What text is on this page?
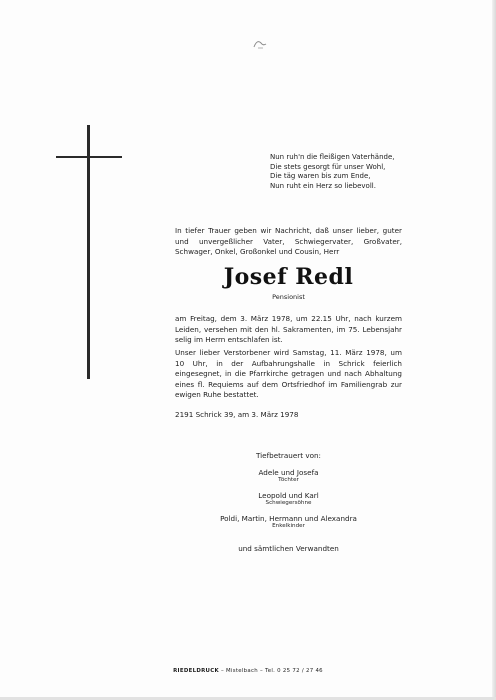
Nun ruh'n die fleißigen Vaterhände,
Die stets gesorgt für unser Wohl,
Die täg waren bis zum Ende,
Nun ruht ein Herz so liebevoll.

In tiefer Trauer geben wir Nachricht, daß unser lieber, guter und unvergeßlicher Vater, Schwiegervater, Großvater, Schwager, Onkel, Großonkel und Cousin, Herr

Josef Redl
Pensionist

am Freitag, dem 3. März 1978, um 22.15 Uhr, nach kurzem Leiden, versehen mit den hl. Sakramenten, im 75. Lebensjahr selig im Herrn entschlafen ist.

Unser lieber Verstorbener wird Samstag, 11. März 1978, um 10 Uhr, in der Aufbahrungshalle in Schrick feierlich eingesegnet, in die Pfarrkirche getragen und nach Abhaltung eines fl. Requiems auf dem Ortsfriedhof im Familiengrab zur ewigen Ruhe bestattet.

2191 Schrick 39, am 3. März 1978

Tiefbetrauert von:
Adele und Josefa
Töchter
Leopold und Karl
Schwiegersöhne
Poldi, Martin, Hermann und Alexandra
Enkelkinder
und sämtlichen Verwandten
RIEDELDRUCK – Mistelbach – Tel. 0 25 72 / 27 46
